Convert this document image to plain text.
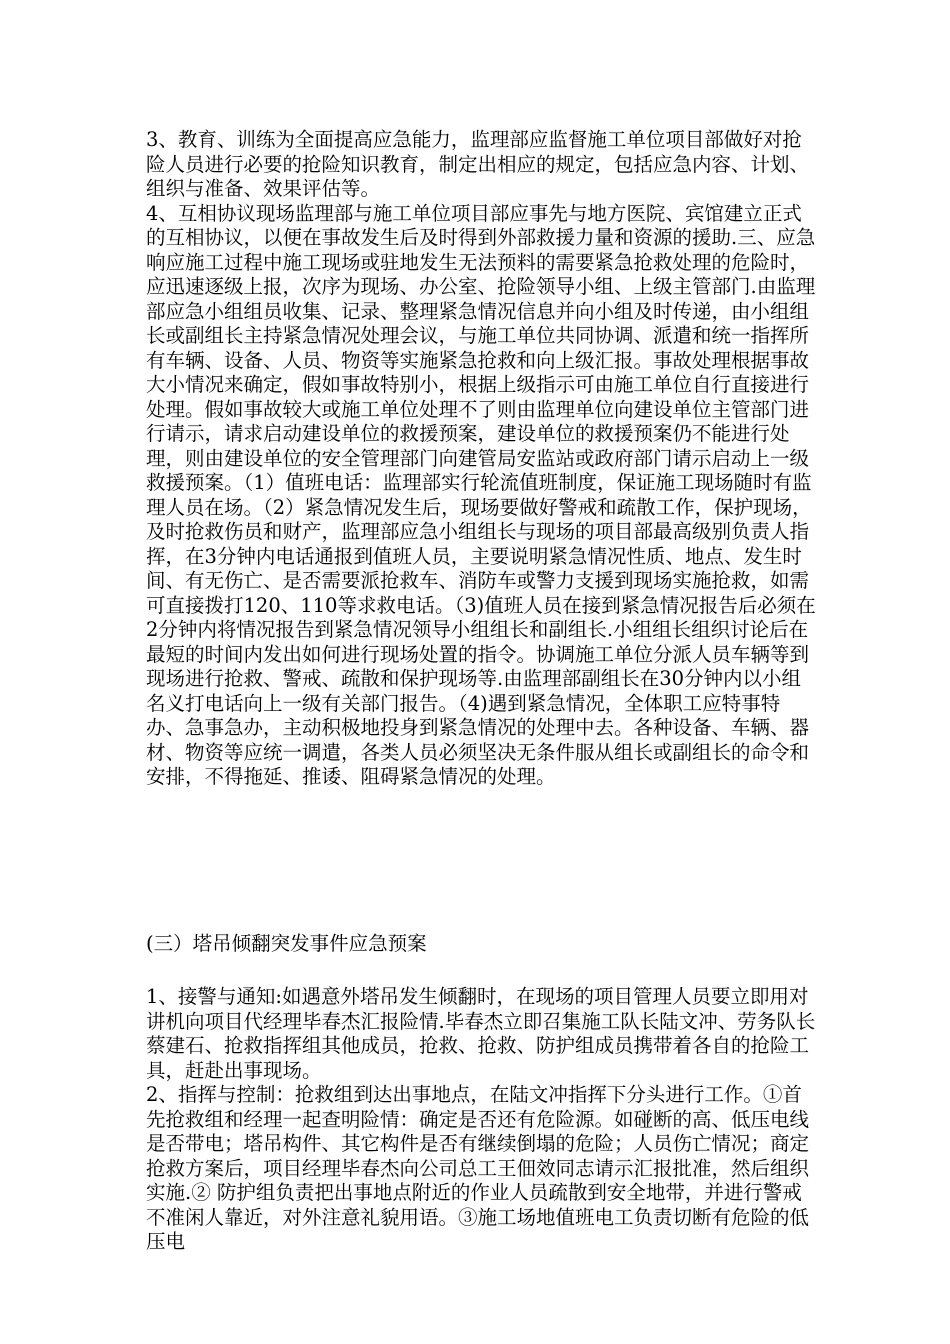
3、教育、训练为全面提高应急能力，监理部应监督施工单位项目部做好对抢险人员进行必要的抢险知识教育，制定出相应的规定，包括应急内容、计划、组织与准备、效果评估等。

4、互相协议现场监理部与施工单位项目部应事先与地方医院、宾馆建立正式的互相协议，以便在事故发生后及时得到外部救援力量和资源的援助.三、应急响应施工过程中施工现场或驻地发生无法预料的需要紧急抢救处理的危险时，应迅速逐级上报，次序为现场、办公室、抢险领导小组、上级主管部门.由监理部应急小组组员收集、记录、整理紧急情况信息并向小组及时传递，由小组组长或副组长主持紧急情况处理会议，与施工单位共同协调、派遣和统一指挥所有车辆、设备、人员、物资等实施紧急抢救和向上级汇报。事故处理根据事故大小情况来确定，假如事故特别小，根据上级指示可由施工单位自行直接进行处理。假如事故较大或施工单位处理不了则由监理单位向建设单位主管部门进行请示，请求启动建设单位的救援预案，建设单位的救援预案仍不能进行处理，则由建设单位的安全管理部门向建管局安监站或政府部门请示启动上一级救援预案。（1）值班电话：监理部实行轮流值班制度，保证施工现场随时有监理人员在场。（2）紧急情况发生后，现场要做好警戒和疏散工作，保护现场，及时抢救伤员和财产，监理部应急小组组长与现场的项目部最高级别负责人指挥，在3分钟内电话通报到值班人员，主要说明紧急情况性质、地点、发生时间、有无伤亡、是否需要派抢救车、消防车或警力支援到现场实施抢救，如需可直接拨打120、110等求救电话。（3)值班人员在接到紧急情况报告后必须在2分钟内将情况报告到紧急情况领导小组组长和副组长.小组组长组织讨论后在最短的时间内发出如何进行现场处置的指令。协调施工单位分派人员车辆等到现场进行抢救、警戒、疏散和保护现场等.由监理部副组长在30分钟内以小组名义打电话向上一级有关部门报告。（4)遇到紧急情况，全体职工应特事特办、急事急办，主动积极地投身到紧急情况的处理中去。各种设备、车辆、器材、物资等应统一调遣，各类人员必须坚决无条件服从组长或副组长的命令和安排，不得拖延、推诿、阻碍紧急情况的处理。

(三）塔吊倾翻突发事件应急预案

1、接警与通知:如遇意外塔吊发生倾翻时，在现场的项目管理人员要立即用对讲机向项目代经理毕春杰汇报险情.毕春杰立即召集施工队长陆文冲、劳务队长蔡建石、抢救指挥组其他成员，抢救、抢救、防护组成员携带着各自的抢险工具，赶赴出事现场。

2、指挥与控制：抢救组到达出事地点，在陆文冲指挥下分头进行工作。①首先抢救组和经理一起查明险情：确定是否还有危险源。如碰断的高、低压电线是否带电；塔吊构件、其它构件是否有继续倒塌的危险；人员伤亡情况；商定抢救方案后，项目经理毕春杰向公司总工王佃效同志请示汇报批准，然后组织实施.② 防护组负责把出事地点附近的作业人员疏散到安全地带，并进行警戒不准闲人靠近，对外注意礼貌用语。③施工场地值班电工负责切断有危险的低压电
